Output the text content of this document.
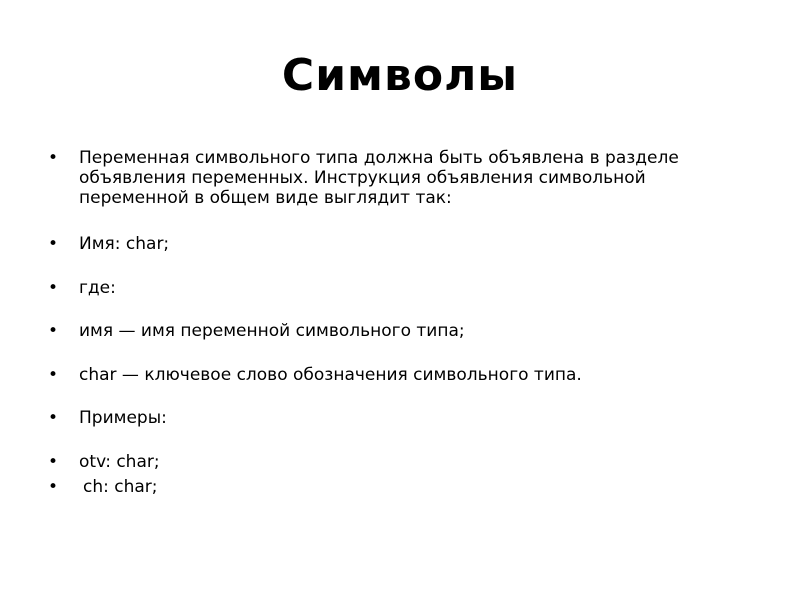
Символы
• Переменная символьного типа должна быть объявлена в разделе объявления переменных. Инструкция объявления символьной переменной в общем виде выглядит так:
• Имя: char;
• где:
• имя — имя переменной символьного типа;
• char — ключевое слово обозначения символьного типа.
• Примеры:
• otv: char;
• ch: char;
